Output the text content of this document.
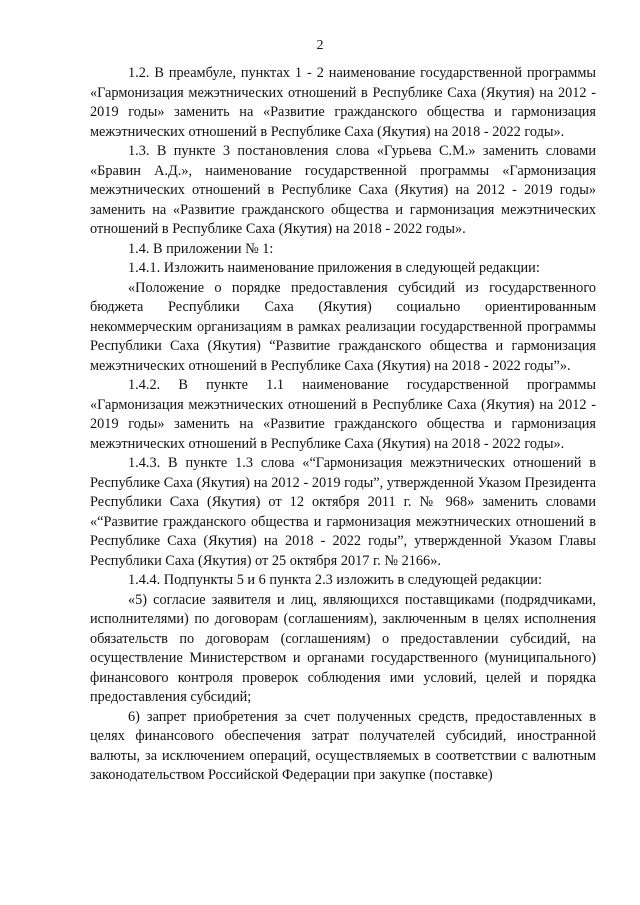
2

1.2. В преамбуле, пунктах 1 - 2 наименование государственной программы «Гармонизация межэтнических отношений в Республике Саха (Якутия) на 2012 - 2019 годы» заменить на «Развитие гражданского общества и гармонизация межэтнических отношений в Республике Саха (Якутия) на 2018 - 2022 годы».

1.3. В пункте 3 постановления слова «Гурьева С.М.» заменить словами «Бравин А.Д.», наименование государственной программы «Гармонизация межэтнических отношений в Республике Саха (Якутия) на 2012 - 2019 годы» заменить на «Развитие гражданского общества и гармонизация межэтнических отношений в Республике Саха (Якутия) на 2018 - 2022 годы».

1.4. В приложении № 1:

1.4.1. Изложить наименование приложения в следующей редакции:

«Положение о порядке предоставления субсидий из государственного бюджета Республики Саха (Якутия) социально ориентированным некоммерческим организациям в рамках реализации государственной программы Республики Саха (Якутия) “Развитие гражданского общества и гармонизация межэтнических отношений в Республике Саха (Якутия) на 2018 - 2022 годы”».

1.4.2. В пункте 1.1 наименование государственной программы «Гармонизация межэтнических отношений в Республике Саха (Якутия) на 2012 - 2019 годы» заменить на «Развитие гражданского общества и гармонизация межэтнических отношений в Республике Саха (Якутия) на 2018 - 2022 годы».

1.4.3. В пункте 1.3 слова «“Гармонизация межэтнических отношений в Республике Саха (Якутия) на 2012 - 2019 годы”, утвержденной Указом Президента Республики Саха (Якутия) от 12 октября 2011 г. № 968» заменить словами «“Развитие гражданского общества и гармонизация межэтнических отношений в Республике Саха (Якутия) на 2018 - 2022 годы”, утвержденной Указом Главы Республики Саха (Якутия) от 25 октября 2017 г. № 2166».

1.4.4. Подпункты 5 и 6 пункта 2.3 изложить в следующей редакции:

«5) согласие заявителя и лиц, являющихся поставщиками (подрядчиками, исполнителями) по договорам (соглашениям), заключенным в целях исполнения обязательств по договорам (соглашениям) о предоставлении субсидий, на осуществление Министерством и органами государственного (муниципального) финансового контроля проверок соблюдения ими условий, целей и порядка предоставления субсидий;

6) запрет приобретения за счет полученных средств, предоставленных в целях финансового обеспечения затрат получателей субсидий, иностранной валюты, за исключением операций, осуществляемых в соответствии с валютным законодательством Российской Федерации при закупке (поставке)
